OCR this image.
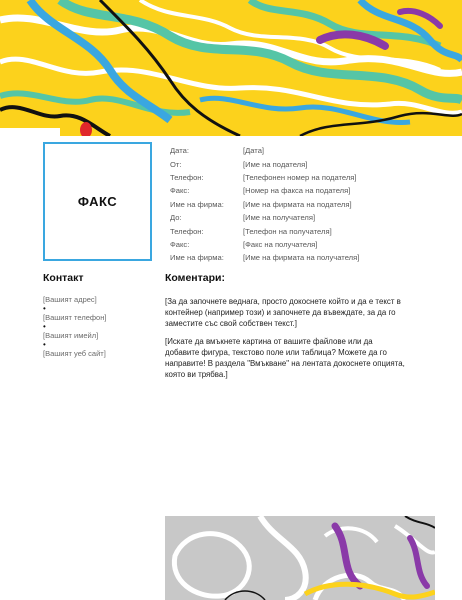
ФАКС
Дата:	[Дата]
От:	[Име на подателя]
Телефон:	[Телефонен номер на подателя]
Факс:	[Номер на факса на подателя]
Име на фирма:	[Име на фирмата на подателя]
До:	[Име на получателя]
Телефон:	[Телефон на получателя]
Факс:	[Факс на получателя]
Име на фирма:	[Име на фирмата на получателя]
Контакт
[Вашият адрес]
•
[Вашият телефон]
•
[Вашият имейл]
•
[Вашият уеб сайт]
Коментари:

[За да започнете веднага, просто докоснете който и да е текст в контейнер (например този) и започнете да въвеждате, за да го заместите със свой собствен текст.]

[Искате да вмъкнете картина от вашите файлове или да добавите фигура, текстово поле или таблица? Можете да го направите! В раздела "Вмъкване" на лентата докоснете опцията, която ви трябва.]
